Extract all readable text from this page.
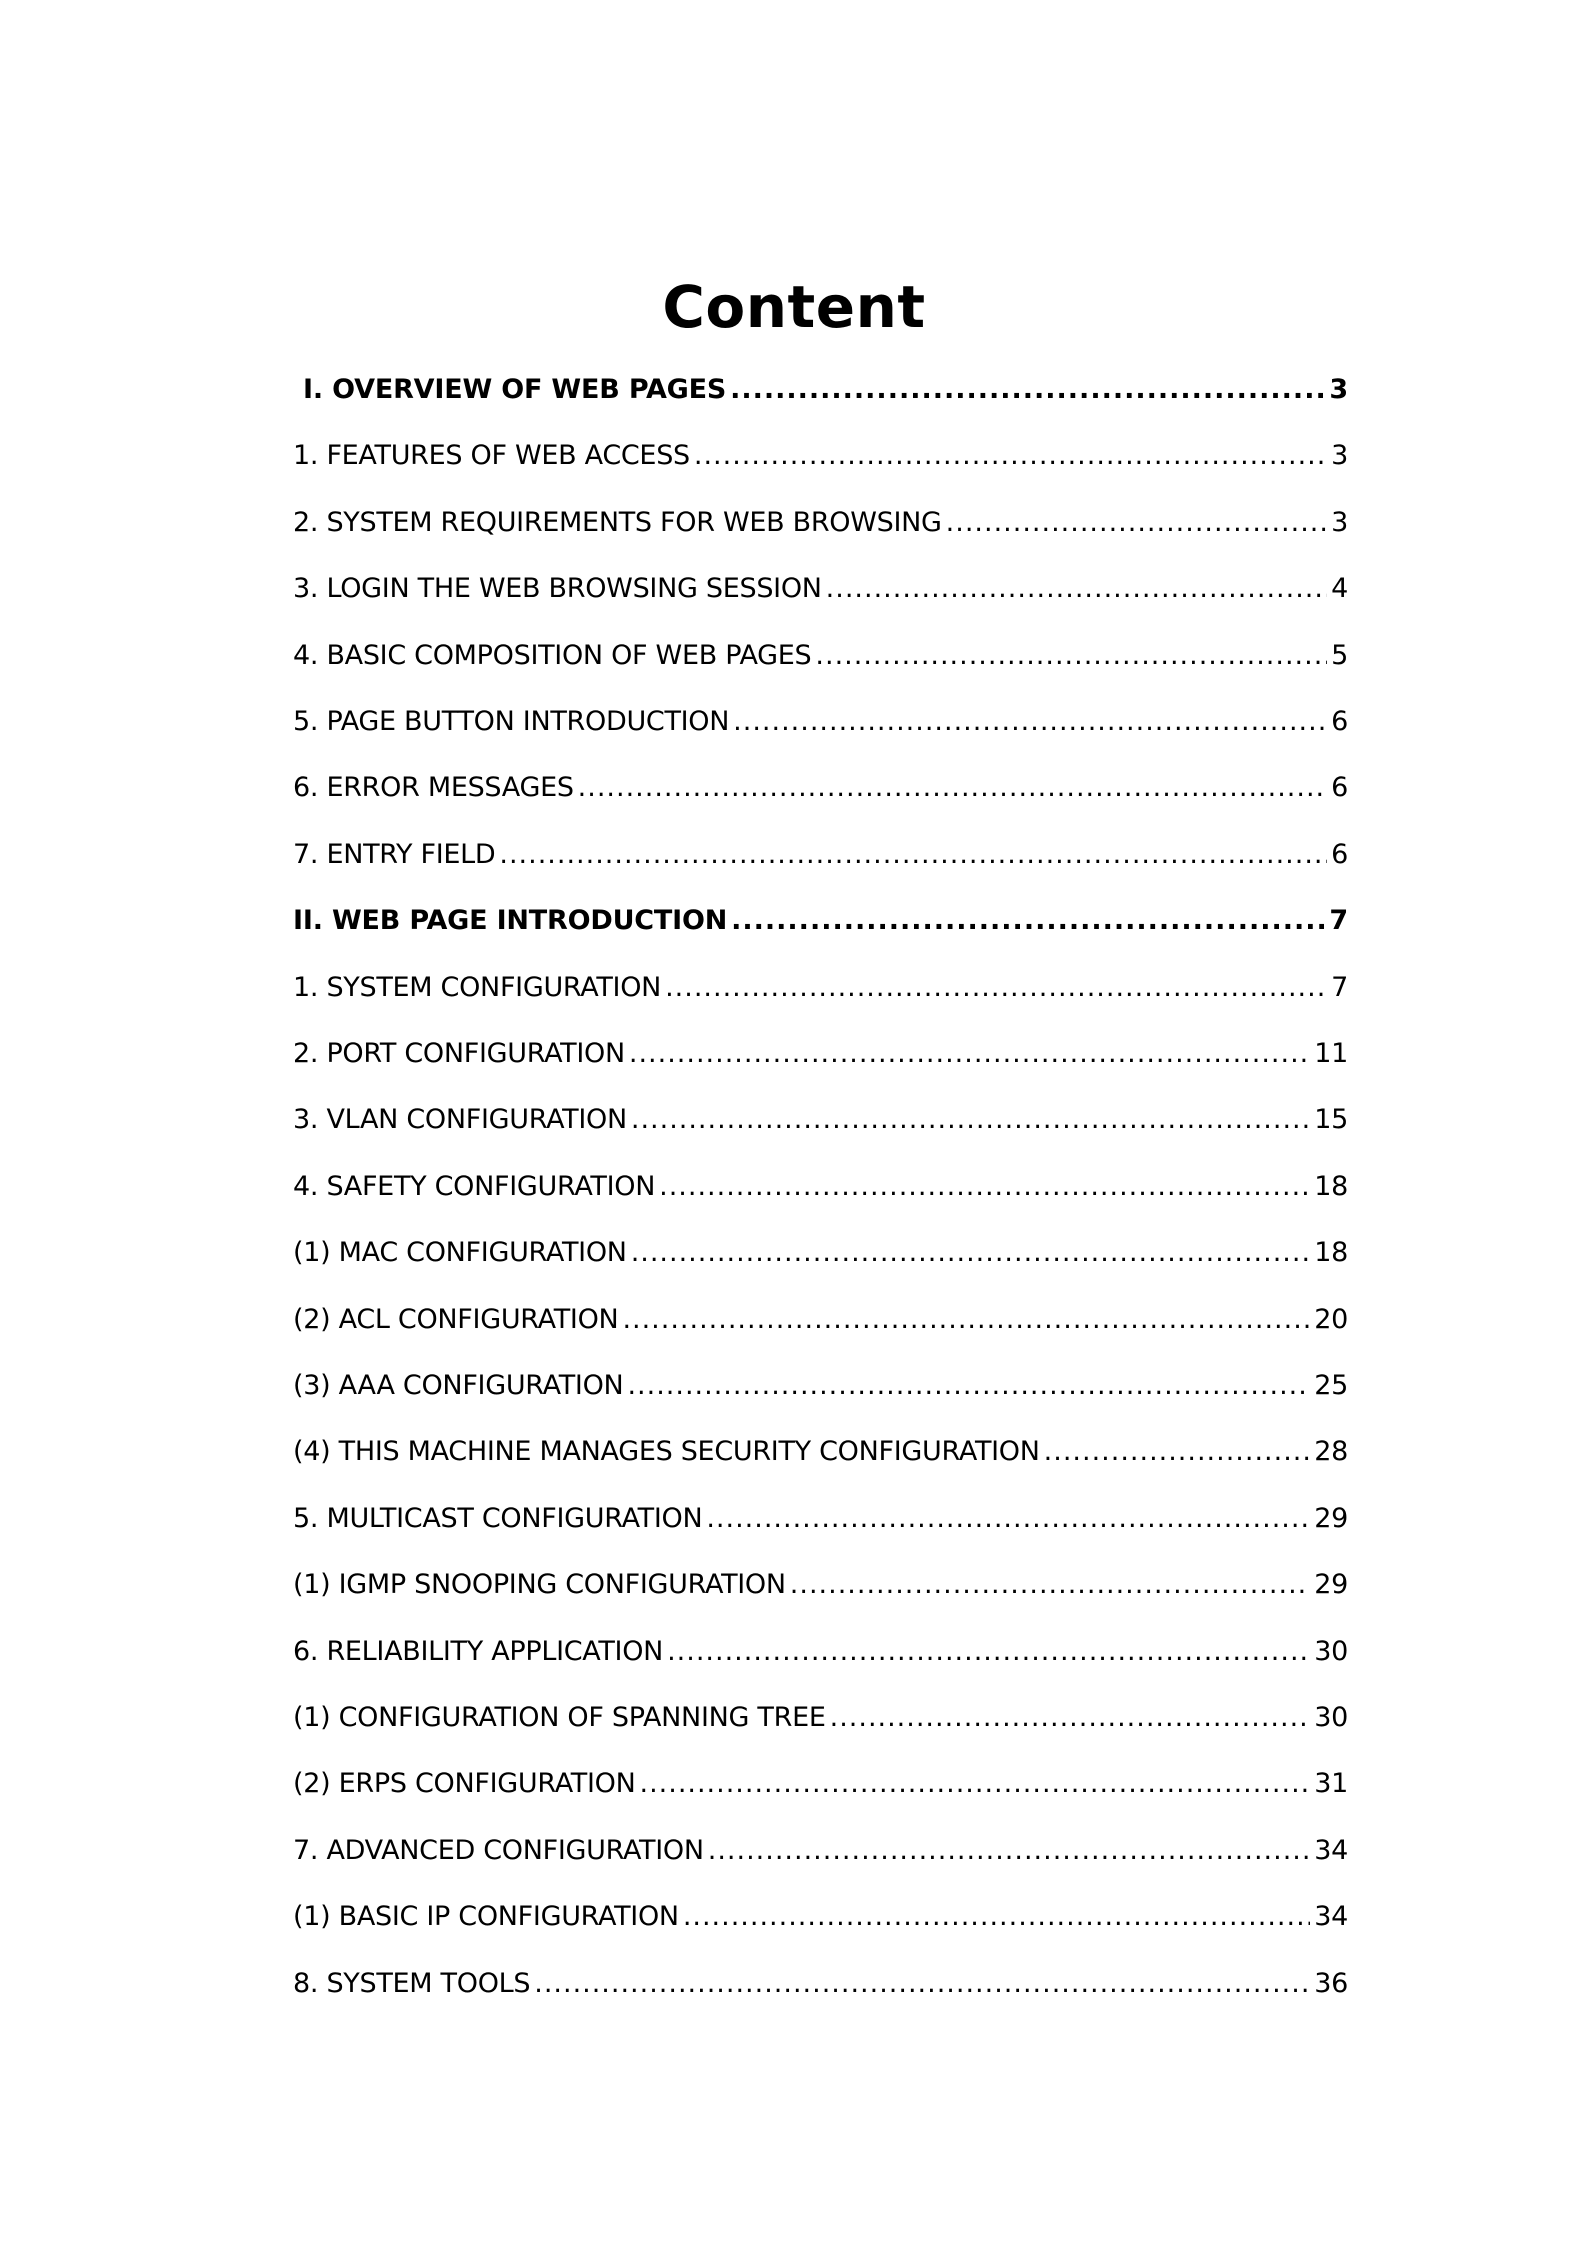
Content
I. OVERVIEW OF WEB PAGES .....	3
1. FEATURES OF WEB ACCESS .....	3
2. SYSTEM REQUIREMENTS FOR WEB BROWSING .....	3
3. LOGIN THE WEB BROWSING SESSION .....	4
4. BASIC COMPOSITION OF WEB PAGES .....	5
5. PAGE BUTTON INTRODUCTION .....	6
6. ERROR MESSAGES .....	6
7. ENTRY FIELD .....	6
II. WEB PAGE INTRODUCTION .....	7
1. SYSTEM CONFIGURATION .....	7
2. PORT CONFIGURATION .....	11
3. VLAN CONFIGURATION .....	15
4. SAFETY CONFIGURATION .....	18
(1) MAC CONFIGURATION .....	18
(2) ACL CONFIGURATION .....	20
(3) AAA CONFIGURATION .....	25
(4) THIS MACHINE MANAGES SECURITY CONFIGURATION .....	28
5. MULTICAST CONFIGURATION .....	29
(1) IGMP SNOOPING CONFIGURATION .....	29
6. RELIABILITY APPLICATION .....	30
(1) CONFIGURATION OF SPANNING TREE .....	30
(2) ERPS CONFIGURATION .....	31
7. ADVANCED CONFIGURATION .....	34
(1) BASIC IP CONFIGURATION .....	34
8. SYSTEM TOOLS .....	36
